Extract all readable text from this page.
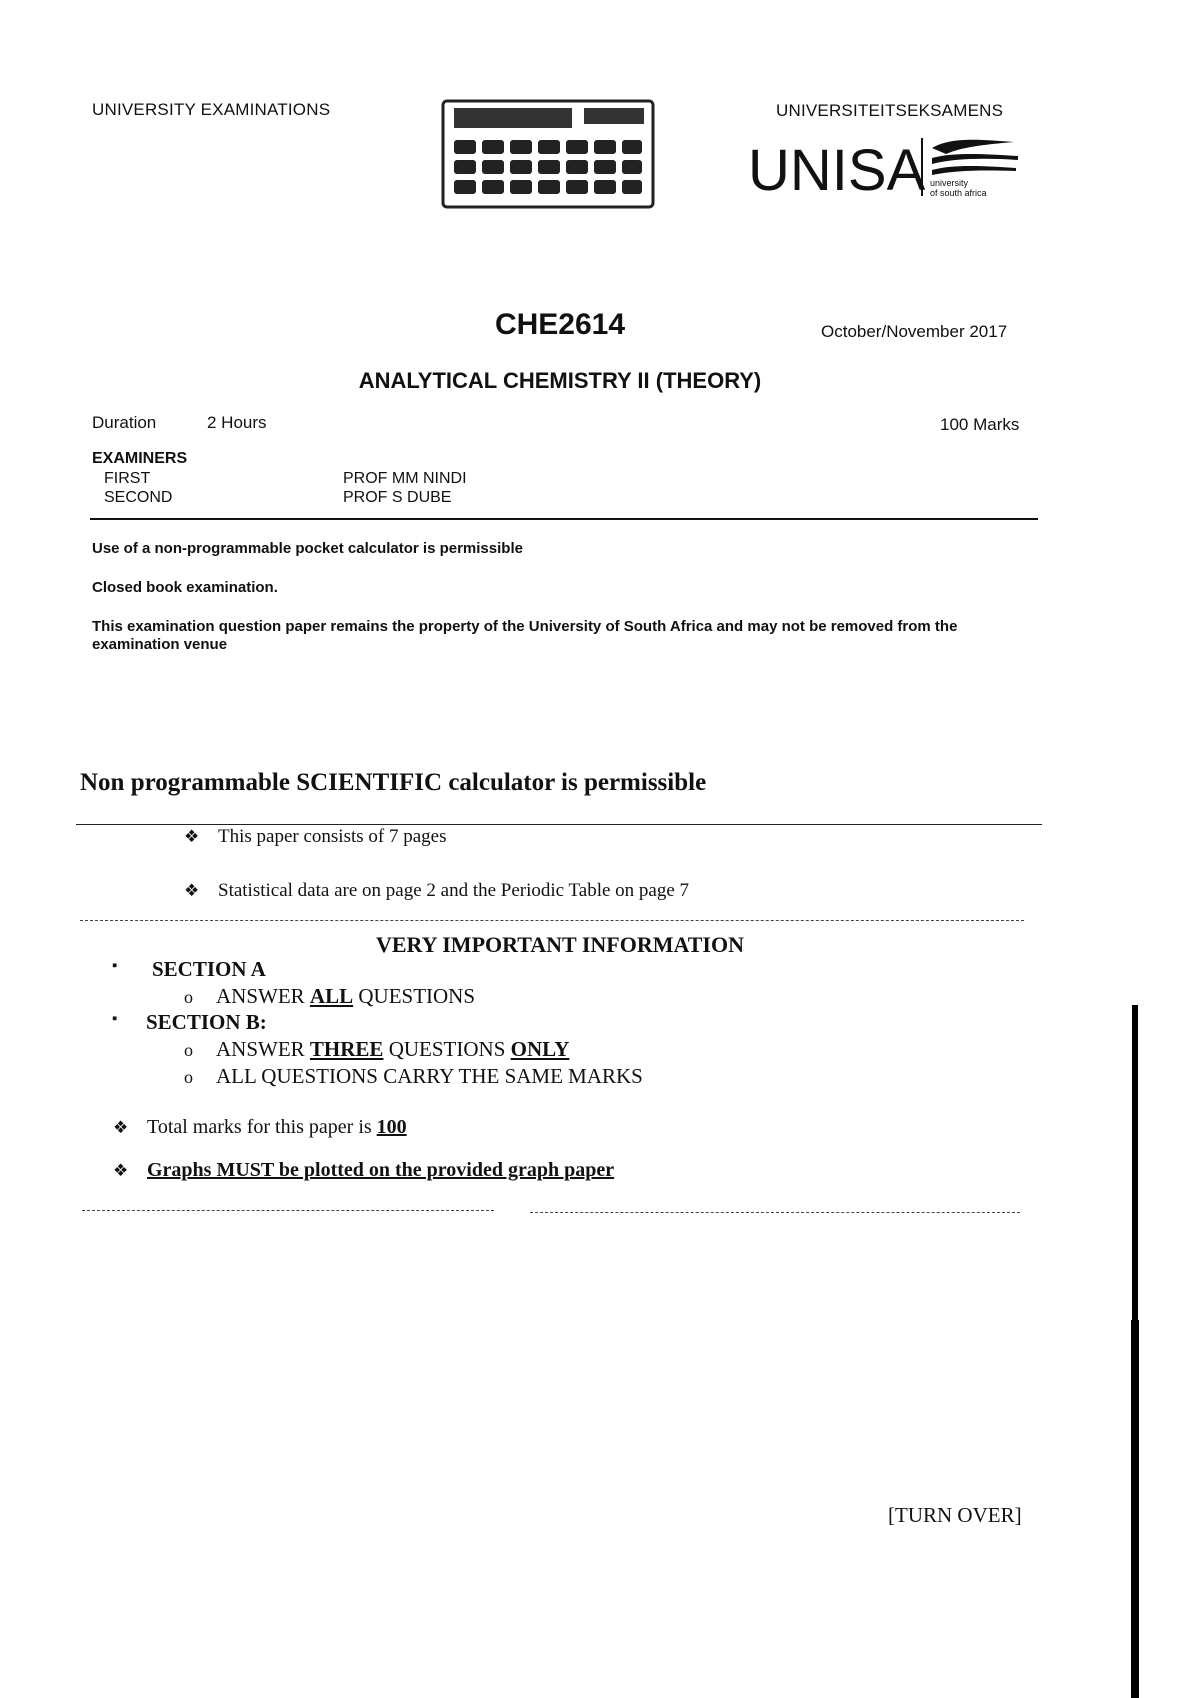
UNIVERSITY EXAMINATIONS	UNIVERSITEITSEKSAMENS
UNISA university
of south africa
CHE2614	October/November 2017
ANALYTICAL CHEMISTRY II (THEORY)
Duration	2 Hours	100 Marks
EXAMINERS
FIRST	PROF MM NINDI
SECOND	PROF S DUBE
Use of a non-programmable pocket calculator is permissible
Closed book examination.
This examination question paper remains the property of the University of South Africa and may not be removed from the examination venue
Non programmable SCIENTIFIC calculator is permissible
❖ This paper consists of 7 pages
❖ Statistical data are on page 2 and the Periodic Table on page 7
VERY IMPORTANT INFORMATION
▪ SECTION A
o ANSWER ALL QUESTIONS
▪ SECTION B:
o ANSWER THREE QUESTIONS ONLY
o ALL QUESTIONS CARRY THE SAME MARKS
❖ Total marks for this paper is 100
❖ Graphs MUST be plotted on the provided graph paper
[TURN OVER]
